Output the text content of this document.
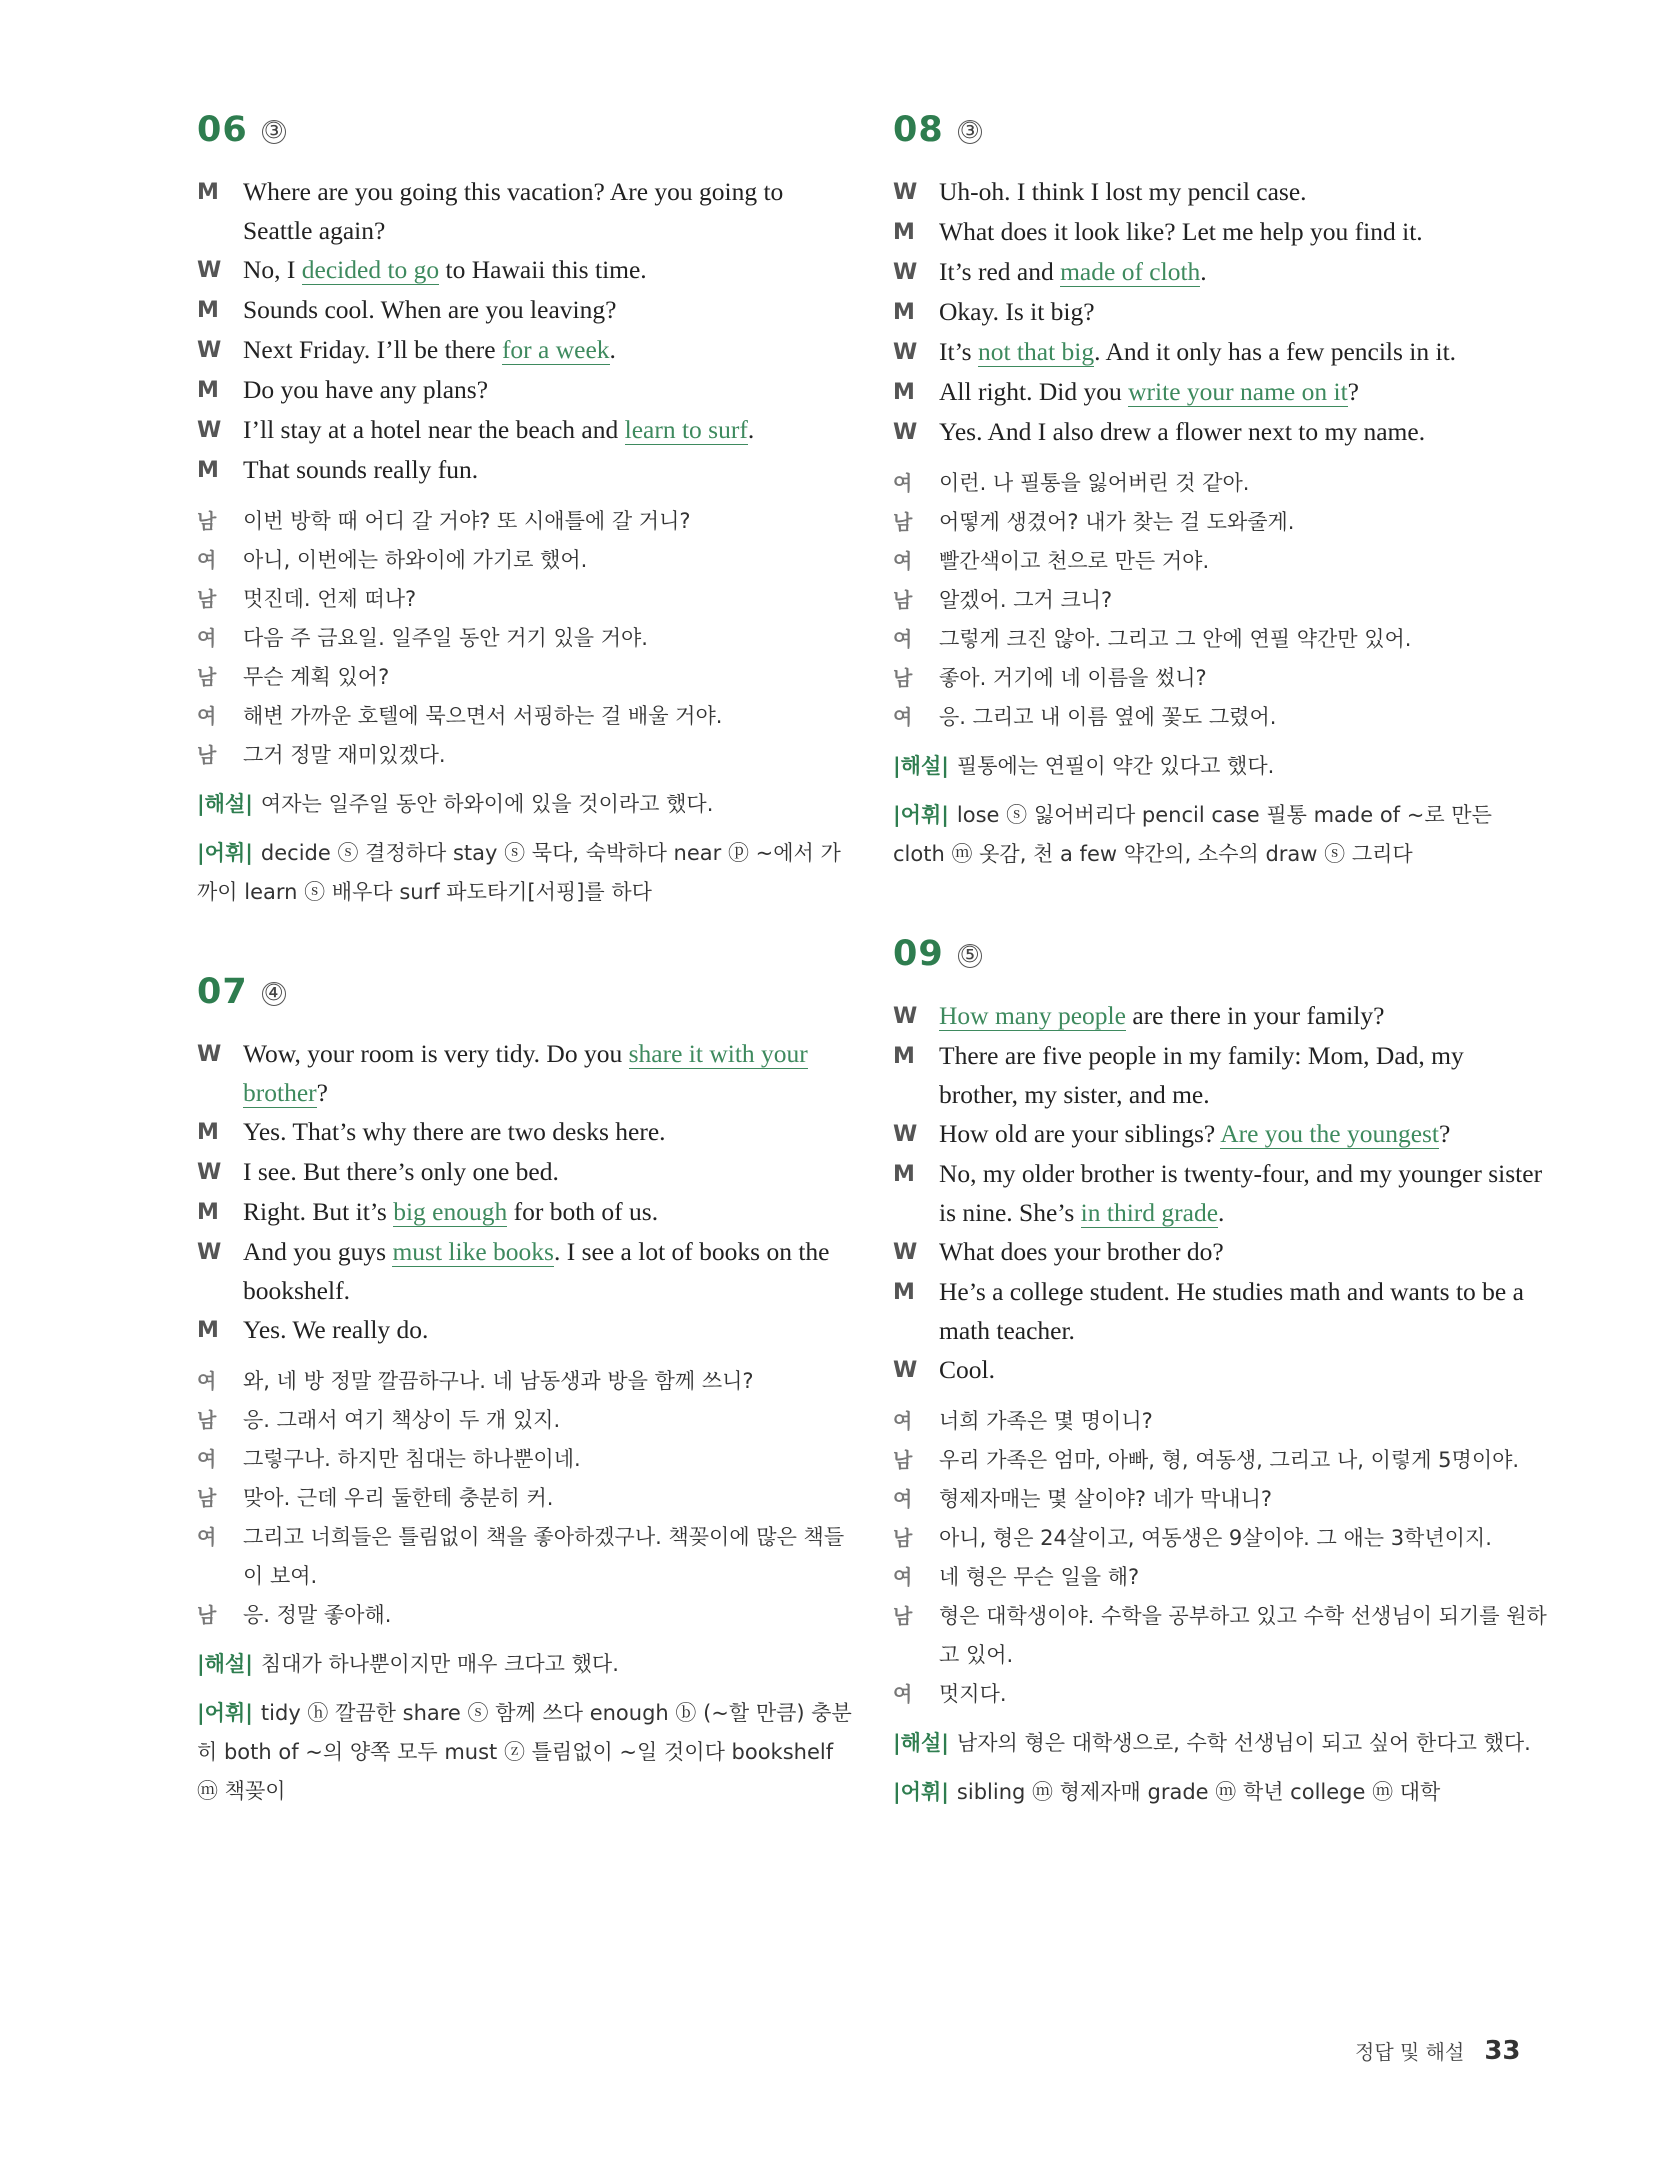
06 ③
M Where are you going this vacation? Are you going to Seattle again?
W No, I decided to go to Hawaii this time.
M Sounds cool. When are you leaving?
W Next Friday. I’ll be there for a week.
M Do you have any plans?
W I’ll stay at a hotel near the beach and learn to surf.
M That sounds really fun.
남	이번 방학 때 어디 갈 거야? 또 시애틀에 갈 거니?
여	아니, 이번에는 하와이에 가기로 했어.
남	멋진데. 언제 떠나?
여	다음 주 금요일. 일주일 동안 거기 있을 거야.
남	무슨 계획 있어?
여	해변 가까운 호텔에 묵으면서 서핑하는 걸 배울 거야.
남	그거 정말 재미있겠다.
|해설| 여자는 일주일 동안 하와이에 있을 것이라고 했다.
|어휘| decide ⓢ 결정하다 stay ⓢ 묵다, 숙박하다 near ⓟ ~에서 가까이 learn ⓢ 배우다 surf 파도타기[서핑]를 하다
07 ④
W Wow, your room is very tidy. Do you share it with your brother?
M Yes. That’s why there are two desks here.
W I see. But there’s only one bed.
M Right. But it’s big enough for both of us.
W And you guys must like books. I see a lot of books on the bookshelf.
M Yes. We really do.
여	와, 네 방 정말 깔끔하구나. 네 남동생과 방을 함께 쓰니?
남	응. 그래서 여기 책상이 두 개 있지.
여	그렇구나. 하지만 침대는 하나뿐이네.
남	맞아. 근데 우리 둘한테 충분히 커.
여	그리고 너희들은 틀림없이 책을 좋아하겠구나. 책꽂이에 많은 책들이 보여.
남	응. 정말 좋아해.
|해설| 침대가 하나뿐이지만 매우 크다고 했다.
|어휘| tidy ⓗ 깔끔한 share ⓢ 함께 쓰다 enough ⓑ (~할 만큼) 충분히 both of ~의 양쪽 모두 must ⓩ 틀림없이 ~일 것이다 bookshelf ⓜ 책꽂이
08 ③
W Uh-oh. I think I lost my pencil case.
M What does it look like? Let me help you find it.
W It’s red and made of cloth.
M Okay. Is it big?
W It’s not that big. And it only has a few pencils in it.
M All right. Did you write your name on it?
W Yes. And I also drew a flower next to my name.
여	이런. 나 필통을 잃어버린 것 같아.
남	어떻게 생겼어? 내가 찾는 걸 도와줄게.
여	빨간색이고 천으로 만든 거야.
남	알겠어. 그거 크니?
여	그렇게 크진 않아. 그리고 그 안에 연필 약간만 있어.
남	좋아. 거기에 네 이름을 썼니?
여	응. 그리고 내 이름 옆에 꽃도 그렸어.
|해설| 필통에는 연필이 약간 있다고 했다.
|어휘| lose ⓢ 잃어버리다 pencil case 필통 made of ~로 만든 cloth ⓜ 옷감, 천 a few 약간의, 소수의 draw ⓢ 그리다
09 ⑤
W How many people are there in your family?
M There are five people in my family: Mom, Dad, my brother, my sister, and me.
W How old are your siblings? Are you the youngest?
M No, my older brother is twenty-four, and my younger sister is nine. She’s in third grade.
W What does your brother do?
M He’s a college student. He studies math and wants to be a math teacher.
W Cool.
여	너희 가족은 몇 명이니?
남	우리 가족은 엄마, 아빠, 형, 여동생, 그리고 나, 이렇게 5명이야.
여	형제자매는 몇 살이야? 네가 막내니?
남	아니, 형은 24살이고, 여동생은 9살이야. 그 애는 3학년이지.
여	네 형은 무슨 일을 해?
남	형은 대학생이야. 수학을 공부하고 있고 수학 선생님이 되기를 원하고 있어.
여	멋지다.
|해설| 남자의 형은 대학생으로, 수학 선생님이 되고 싶어 한다고 했다.
|어휘| sibling ⓜ 형제자매 grade ⓜ 학년 college ⓜ 대학
정답 및 해설 33
